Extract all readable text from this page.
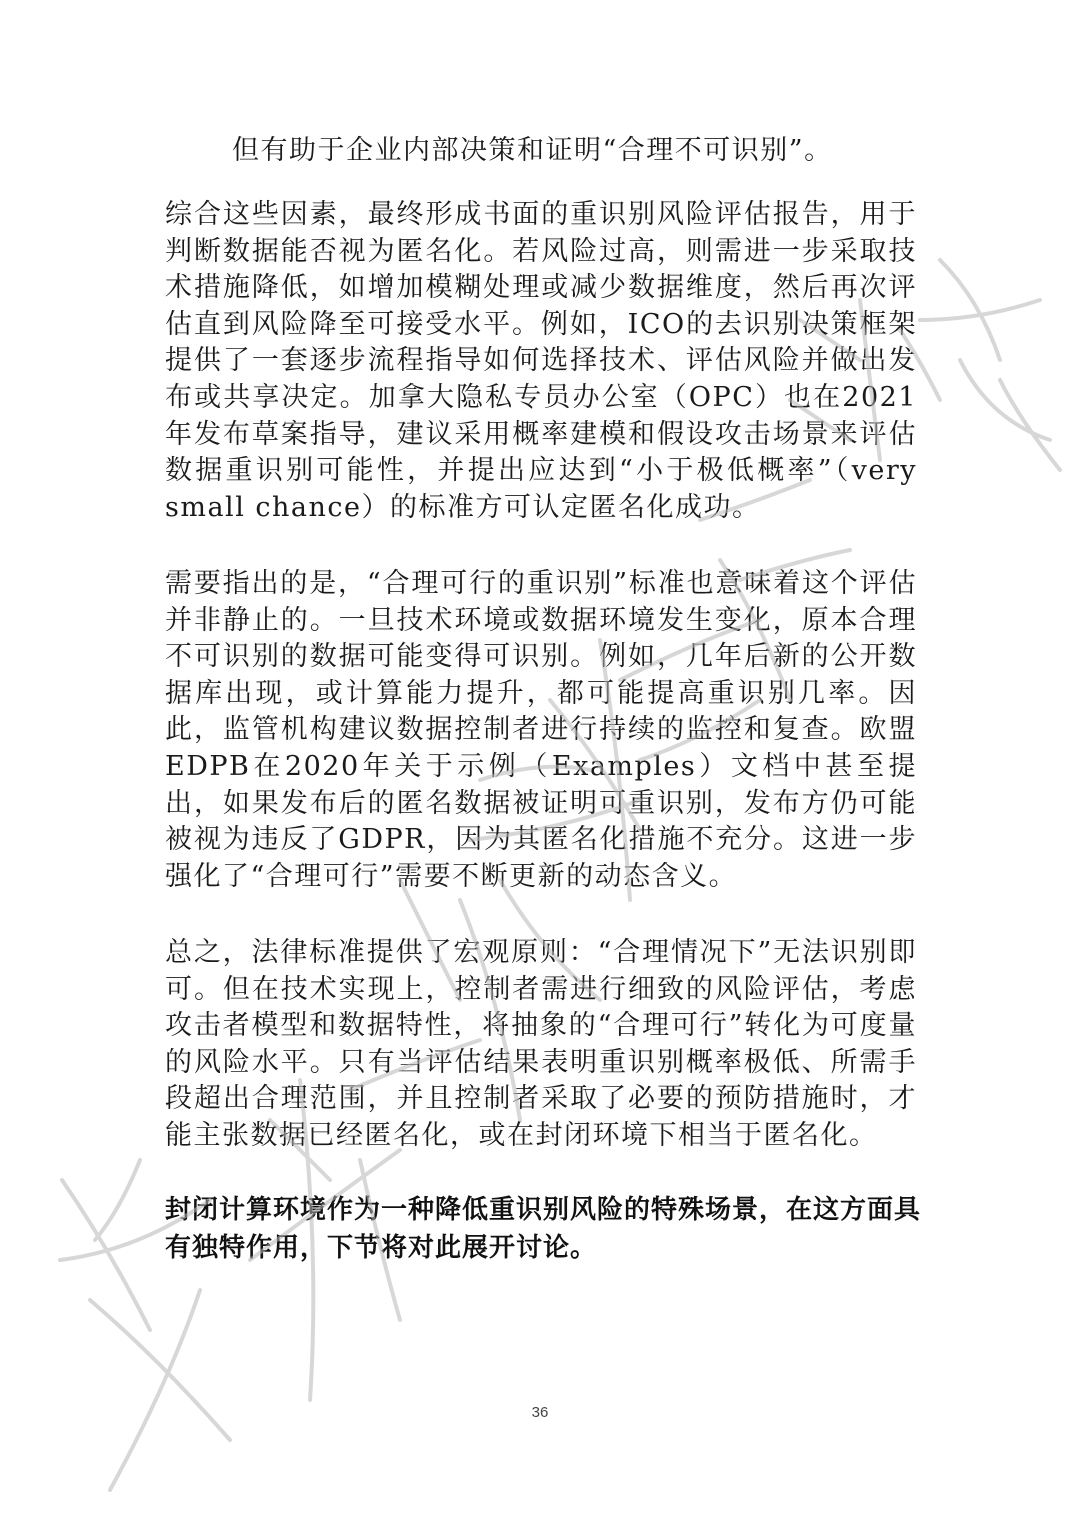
但有助于企业内部决策和证明“合理不可识别”。

综合这些因素，最终形成书面的重识别风险评估报告，用于判断数据能否视为匿名化。若风险过高，则需进一步采取技术措施降低，如增加模糊处理或减少数据维度，然后再次评估直到风险降至可接受水平。例如，ICO的去识别决策框架提供了一套逐步流程指导如何选择技术、评估风险并做出发布或共享决定。加拿大隐私专员办公室（OPC）也在2021年发布草案指导，建议采用概率建模和假设攻击场景来评估数据重识别可能性，并提出应达到“小于极低概率”（very small chance）的标准方可认定匿名化成功。

需要指出的是，“合理可行的重识别”标准也意味着这个评估并非静止的。一旦技术环境或数据环境发生变化，原本合理不可识别的数据可能变得可识别。例如，几年后新的公开数据库出现，或计算能力提升，都可能提高重识别几率。因此，监管机构建议数据控制者进行持续的监控和复查。欧盟EDPB在2020年关于示例（Examples）文档中甚至提出，如果发布后的匿名数据被证明可重识别，发布方仍可能被视为违反了GDPR，因为其匿名化措施不充分。这进一步强化了“合理可行”需要不断更新的动态含义。

总之，法律标准提供了宏观原则：“合理情况下”无法识别即可。但在技术实现上，控制者需进行细致的风险评估，考虑攻击者模型和数据特性，将抽象的“合理可行”转化为可度量的风险水平。只有当评估结果表明重识别概率极低、所需手段超出合理范围，并且控制者采取了必要的预防措施时，才能主张数据已经匿名化，或在封闭环境下相当于匿名化。

封闭计算环境作为一种降低重识别风险的特殊场景，在这方面具有独特作用，下节将对此展开讨论。

36
